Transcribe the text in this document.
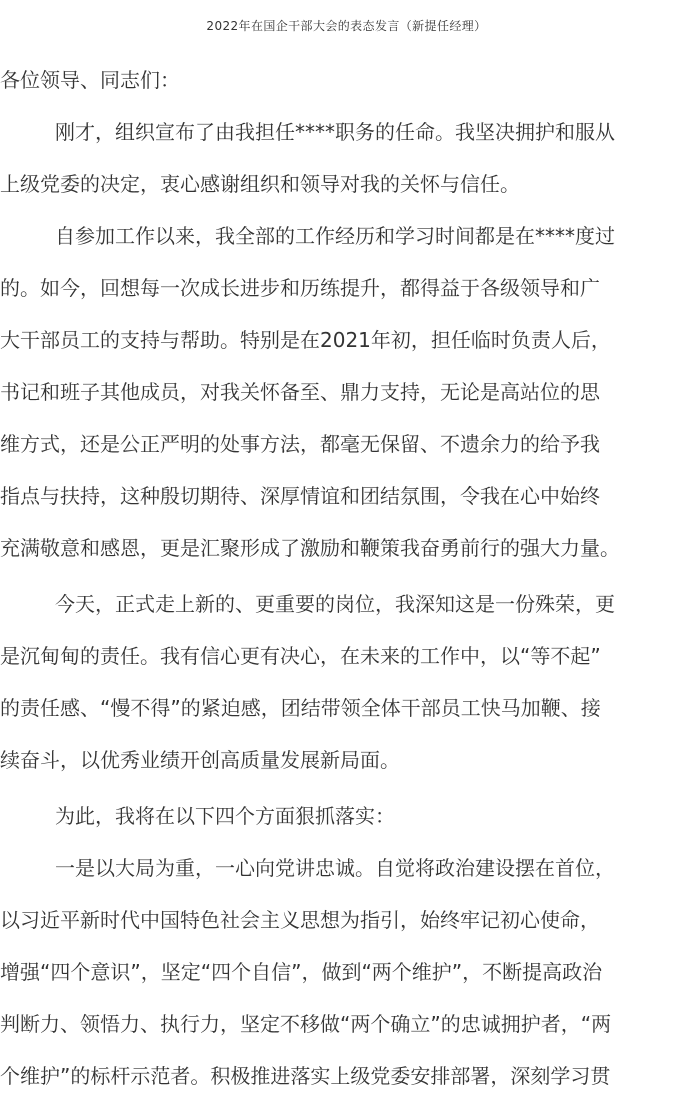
2022年在国企干部大会的表态发言（新提任经理）
各位领导、同志们：
刚才，组织宣布了由我担任****职务的任命。我坚决拥护和服从
上级党委的决定，衷心感谢组织和领导对我的关怀与信任。
自参加工作以来，我全部的工作经历和学习时间都是在****度过
的。如今，回想每一次成长进步和历练提升，都得益于各级领导和广
大干部员工的支持与帮助。特别是在2021年初，担任临时负责人后，
书记和班子其他成员，对我关怀备至、鼎力支持，无论是高站位的思
维方式，还是公正严明的处事方法，都毫无保留、不遗余力的给予我
指点与扶持，这种殷切期待、深厚情谊和团结氛围，令我在心中始终
充满敬意和感恩，更是汇聚形成了激励和鞭策我奋勇前行的强大力量。
今天，正式走上新的、更重要的岗位，我深知这是一份殊荣，更
是沉甸甸的责任。我有信心更有决心，在未来的工作中，以“等不起”
的责任感、“慢不得”的紧迫感，团结带领全体干部员工快马加鞭、接
续奋斗，以优秀业绩开创高质量发展新局面。
为此，我将在以下四个方面狠抓落实：
一是以大局为重，一心向党讲忠诚。自觉将政治建设摆在首位，
以习近平新时代中国特色社会主义思想为指引，始终牢记初心使命，
增强“四个意识”，坚定“四个自信”，做到“两个维护”，不断提高政治
判断力、领悟力、执行力，坚定不移做“两个确立”的忠诚拥护者，“两
个维护”的标杆示范者。积极推进落实上级党委安排部署，深刻学习贯
